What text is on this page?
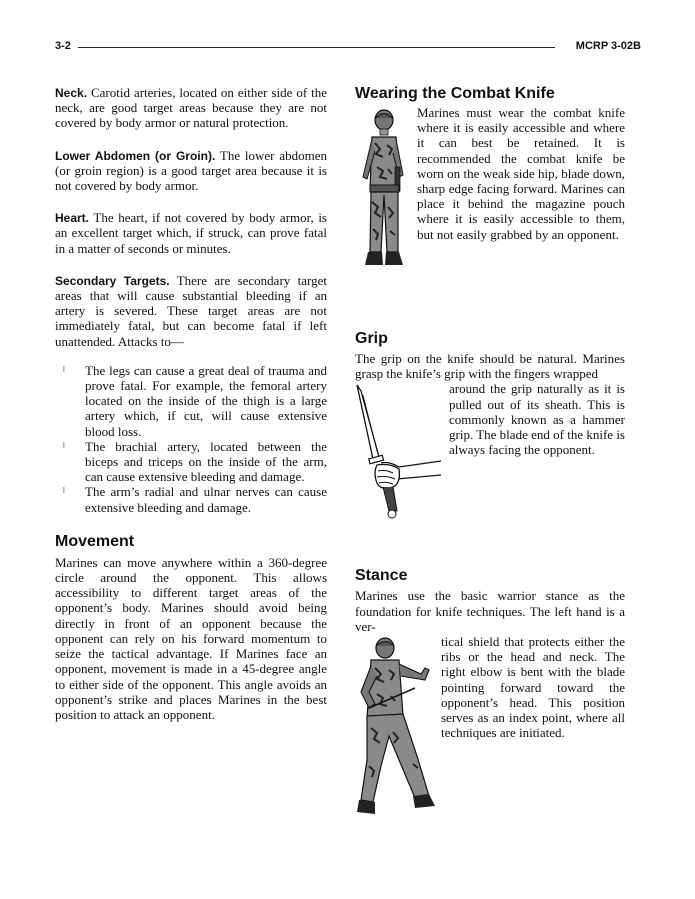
3-2	MCRP 3-02B

Neck. Carotid arteries, located on either side of the neck, are good target areas because they are not covered by body armor or natural protection.

Lower Abdomen (or Groin). The lower abdomen (or groin region) is a good target area because it is not covered by body armor.

Heart. The heart, if not covered by body armor, is an excellent target which, if struck, can prove fatal in a matter of seconds or minutes.

Secondary Targets. There are secondary target areas that will cause substantial bleeding if an artery is severed. These target areas are not immediately fatal, but can become fatal if left unattended. Attacks to—

l The legs can cause a great deal of trauma and prove fatal. For example, the femoral artery located on the inside of the thigh is a large artery which, if cut, will cause extensive blood loss.
l The brachial artery, located between the biceps and triceps on the inside of the arm, can cause extensive bleeding and damage.
l The arm’s radial and ulnar nerves can cause extensive bleeding and damage.
Movement

Marines can move anywhere within a 360-degree circle around the opponent. This allows accessibility to different target areas of the opponent’s body. Marines should avoid being directly in front of an opponent because the opponent can rely on his forward momentum to seize the tactical advantage. If Marines face an opponent, movement is made in a 45-degree angle to either side of the opponent. This angle avoids an opponent’s strike and places Marines in the best position to attack an opponent.

Wearing the Combat Knife

Marines must wear the combat knife where it is easily accessible and where it can best be retained. It is recommended the combat knife be worn on the weak side hip, blade down, sharp edge facing forward. Marines can place it behind the magazine pouch where it is easily accessible to them, but not easily grabbed by an opponent.

Grip

The grip on the knife should be natural. Marines grasp the knife’s grip with the fingers wrapped

around the grip naturally as it is pulled out of its sheath. This is commonly known as a hammer grip. The blade end of the knife is always facing the opponent.

Stance

Marines use the basic warrior stance as the foundation for knife techniques. The left hand is a ver-

tical shield that protects either the ribs or the head and neck. The right elbow is bent with the blade pointing forward toward the opponent’s head. This position serves as an index point, where all techniques are initiated.
